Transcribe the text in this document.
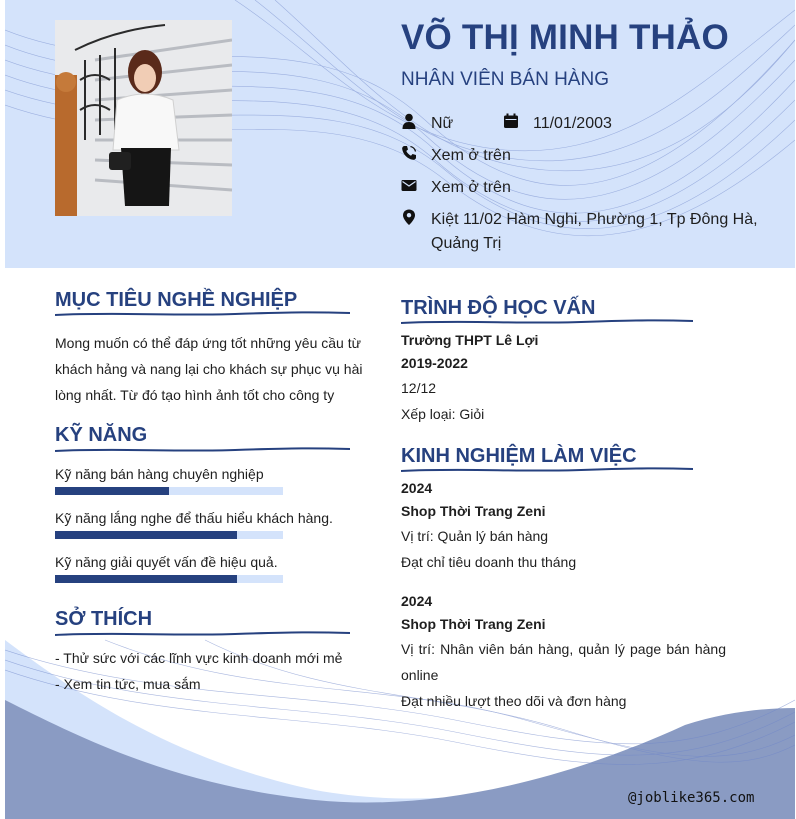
VÕ THỊ MINH THẢO
NHÂN VIÊN BÁN HÀNG
Nữ	11/01/2003
Xem ở trên
Xem ở trên
Kiệt 11/02 Hàm Nghi, Phường 1, Tp Đông Hà, Quảng Trị
MỤC TIÊU NGHỀ NGHIỆP
Mong muốn có thể đáp ứng tốt những yêu cầu từ
khách hảng và nang lại cho khách sự phục vụ hài
lòng nhất. Từ đó tạo hình ảnh tốt cho công ty
KỸ NĂNG
Kỹ năng bán hàng chuyên nghiệp
Kỹ năng lắng nghe để thấu hiểu khách hàng.
Kỹ năng giải quyết vấn đề hiệu quả.
SỞ THÍCH
- Thử sức với các lĩnh vực kinh doanh mới mẻ
- Xem tin tức, mua sắm
TRÌNH ĐỘ HỌC VẤN
Trường THPT Lê Lợi
2019-2022
12/12
Xếp loại: Giỏi
KINH NGHIỆM LÀM VIỆC
2024
Shop Thời Trang Zeni
Vị trí: Quản lý bán hàng
Đạt chỉ tiêu doanh thu tháng
2024
Shop Thời Trang Zeni
Vị trí: Nhân viên bán hàng, quản lý page bán hàng
online
Đạt nhiều lượt theo dõi và đơn hàng
@joblike365.com
